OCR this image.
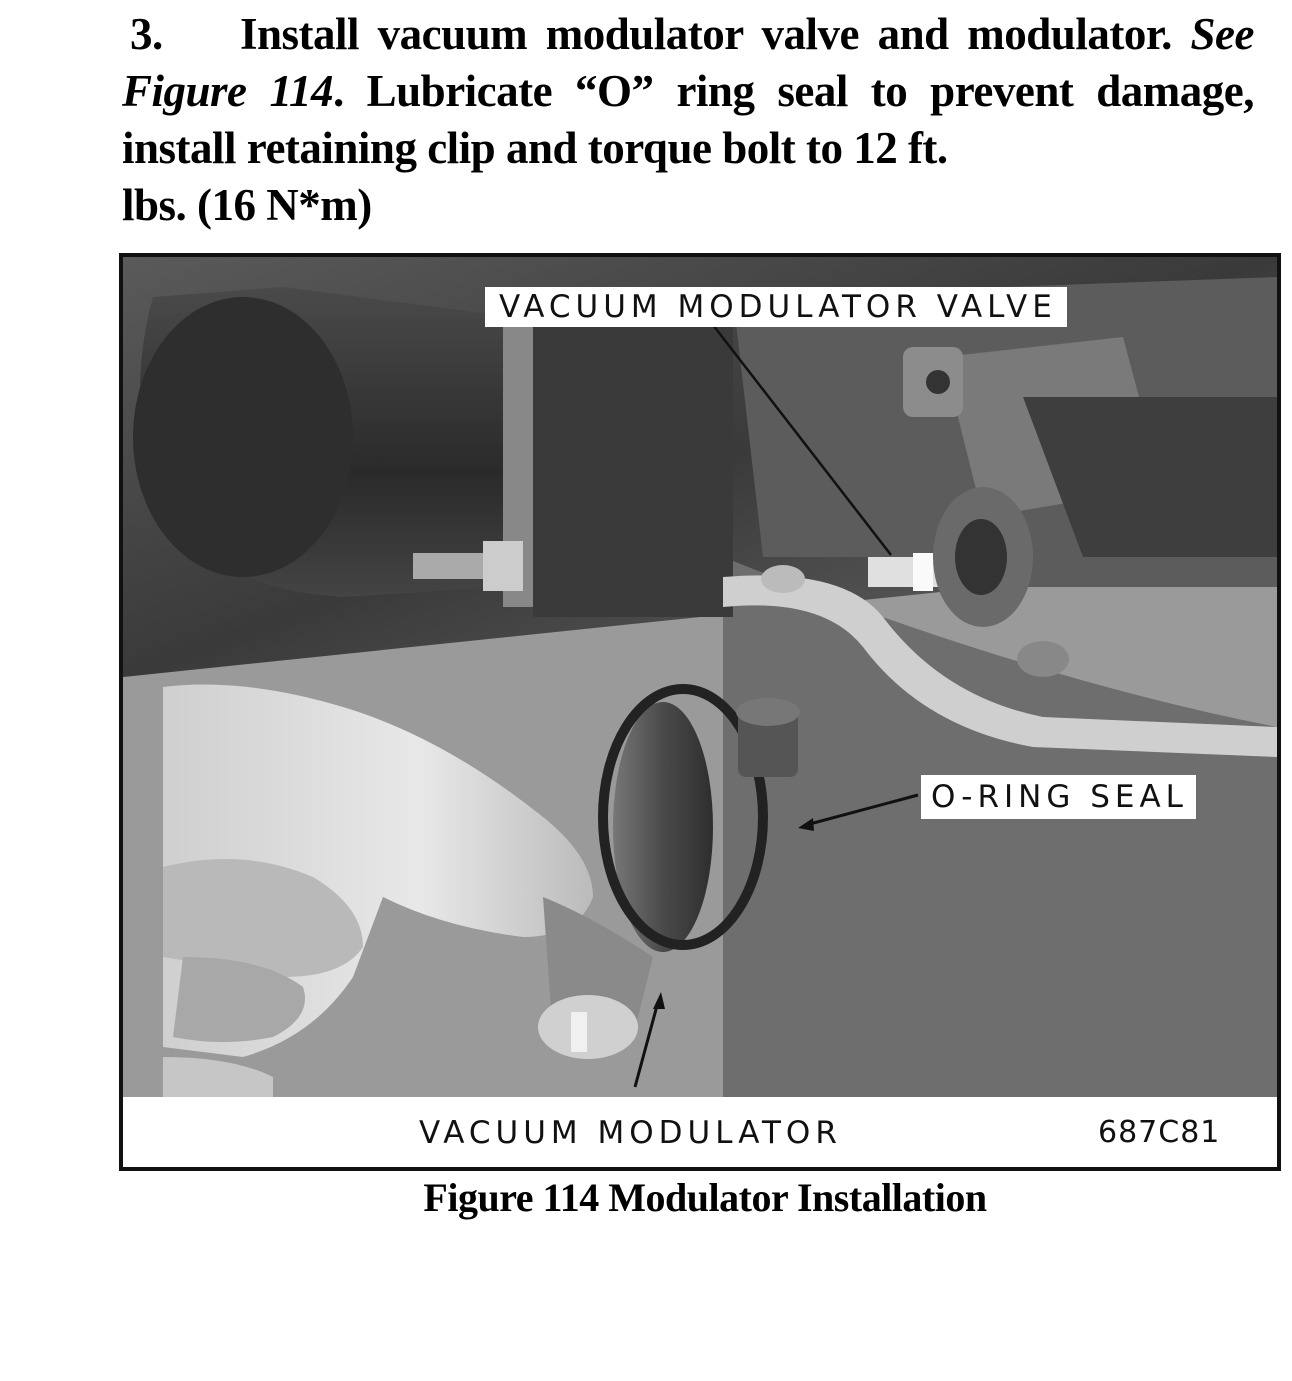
3. Install vacuum modulator valve and modulator. See Figure 114. Lubricate “O” ring seal to prevent damage, install retaining clip and torque bolt to 12 ft.
lbs. (16 N*m)
VACUUM MODULATOR VALVE
O-RING SEAL
VACUUM MODULATOR	687C81
Figure 114 Modulator Installation
